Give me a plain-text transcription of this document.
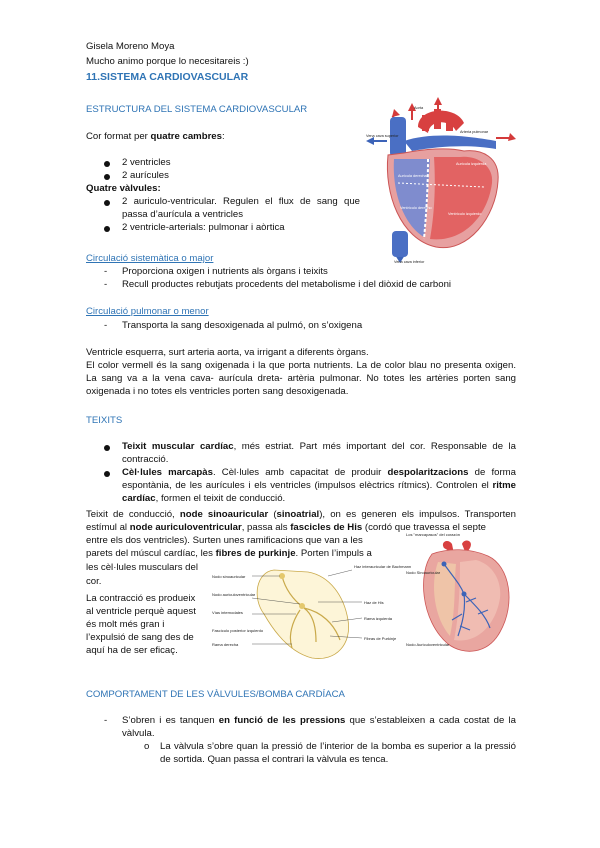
Gisela Moreno Moya
Mucho animo porque lo necesitareis :)
11.SISTEMA CARDIOVASCULAR
ESTRUCTURA DEL SISTEMA CARDIOVASCULAR
Cor format per quatre cambres:
2 ventricles
2 aurícules
Quatre vàlvules:
2 auriculo-ventricular. Regulen el flux de sang que passa d’aurícula a ventricles
2 ventricle-arterials: pulmonar i aòrtica
Vena cava superior
Arteria pulmonar
Aorta
Aurícula izquierda
Aurícula derecha
Ventrículo izquierdo
Ventrículo derecho
Vena cava inferior
Circulació sistemàtica o major
- Proporciona oxigen i nutrients als òrgans i teixits
- Recull productes rebutjats procedents del metabolisme i del diòxid de carboni
Circulació pulmonar o menor
- Transporta la sang desoxigenada al pulmó, on s’oxigena
Ventricle esquerra, surt arteria aorta, va irrigant a diferents òrgans.
El color vermell és la sang oxigenada i la que porta nutrients. La de color blau no presenta oxigen. La sang va a la vena cava- aurícula dreta- artèria pulmonar. No totes les artèries porten sang oxigenada i no totes els ventricles porten sang desoxigenada.
TEIXITS
Teixit muscular cardíac, més estriat. Part més important del cor. Responsable de la contracció.
Cèl·lules marcapàs. Cèl·lules amb capacitat de produir despolaritzacions de forma espontània, de les aurícules i els ventricles (impulsos elèctrics rítmics). Controlen el ritme cardíac, formen el teixit de conducció.
Teixit de conducció, node sinoauricular (sinoatrial), on es generen els impulsos. Transporten estímul al node auriculoventricular, passa als fascicles de His (cordó que travessa el septe
entre els dos ventricles). Surten unes ramificacions que van a les
parets del múscul cardíac, les fibres de purkinje. Porten l’impuls a
les cèl·lules musculars del
cor.
La contracció es produeix
al ventricle perquè aquest
és molt més gran i
l’expulsió de sang des de
aquí ha de ser eficaç.
Nodo sinoauricular
Nodo auriculoventricular
Vías internodales
Haz interauricular de Bachmann
Haz de His
Rama izquierda
Fascículo posterior izquierdo
Rama derecha
Fibras de Purkinje
Los "marcapasos" del corazón
Nodo Sinoauricular
Nodo Auriculoventricular
COMPORTAMENT DE LES VÀLVULES/BOMBA CARDÍACA
- S’obren i es tanquen en funció de les pressions que s’estableixen a cada costat de la vàlvula.
o La vàlvula s’obre quan la pressió de l’interior de la bomba es superior a la pressió de sortida. Quan passa el contrari la vàlvula es tenca.
